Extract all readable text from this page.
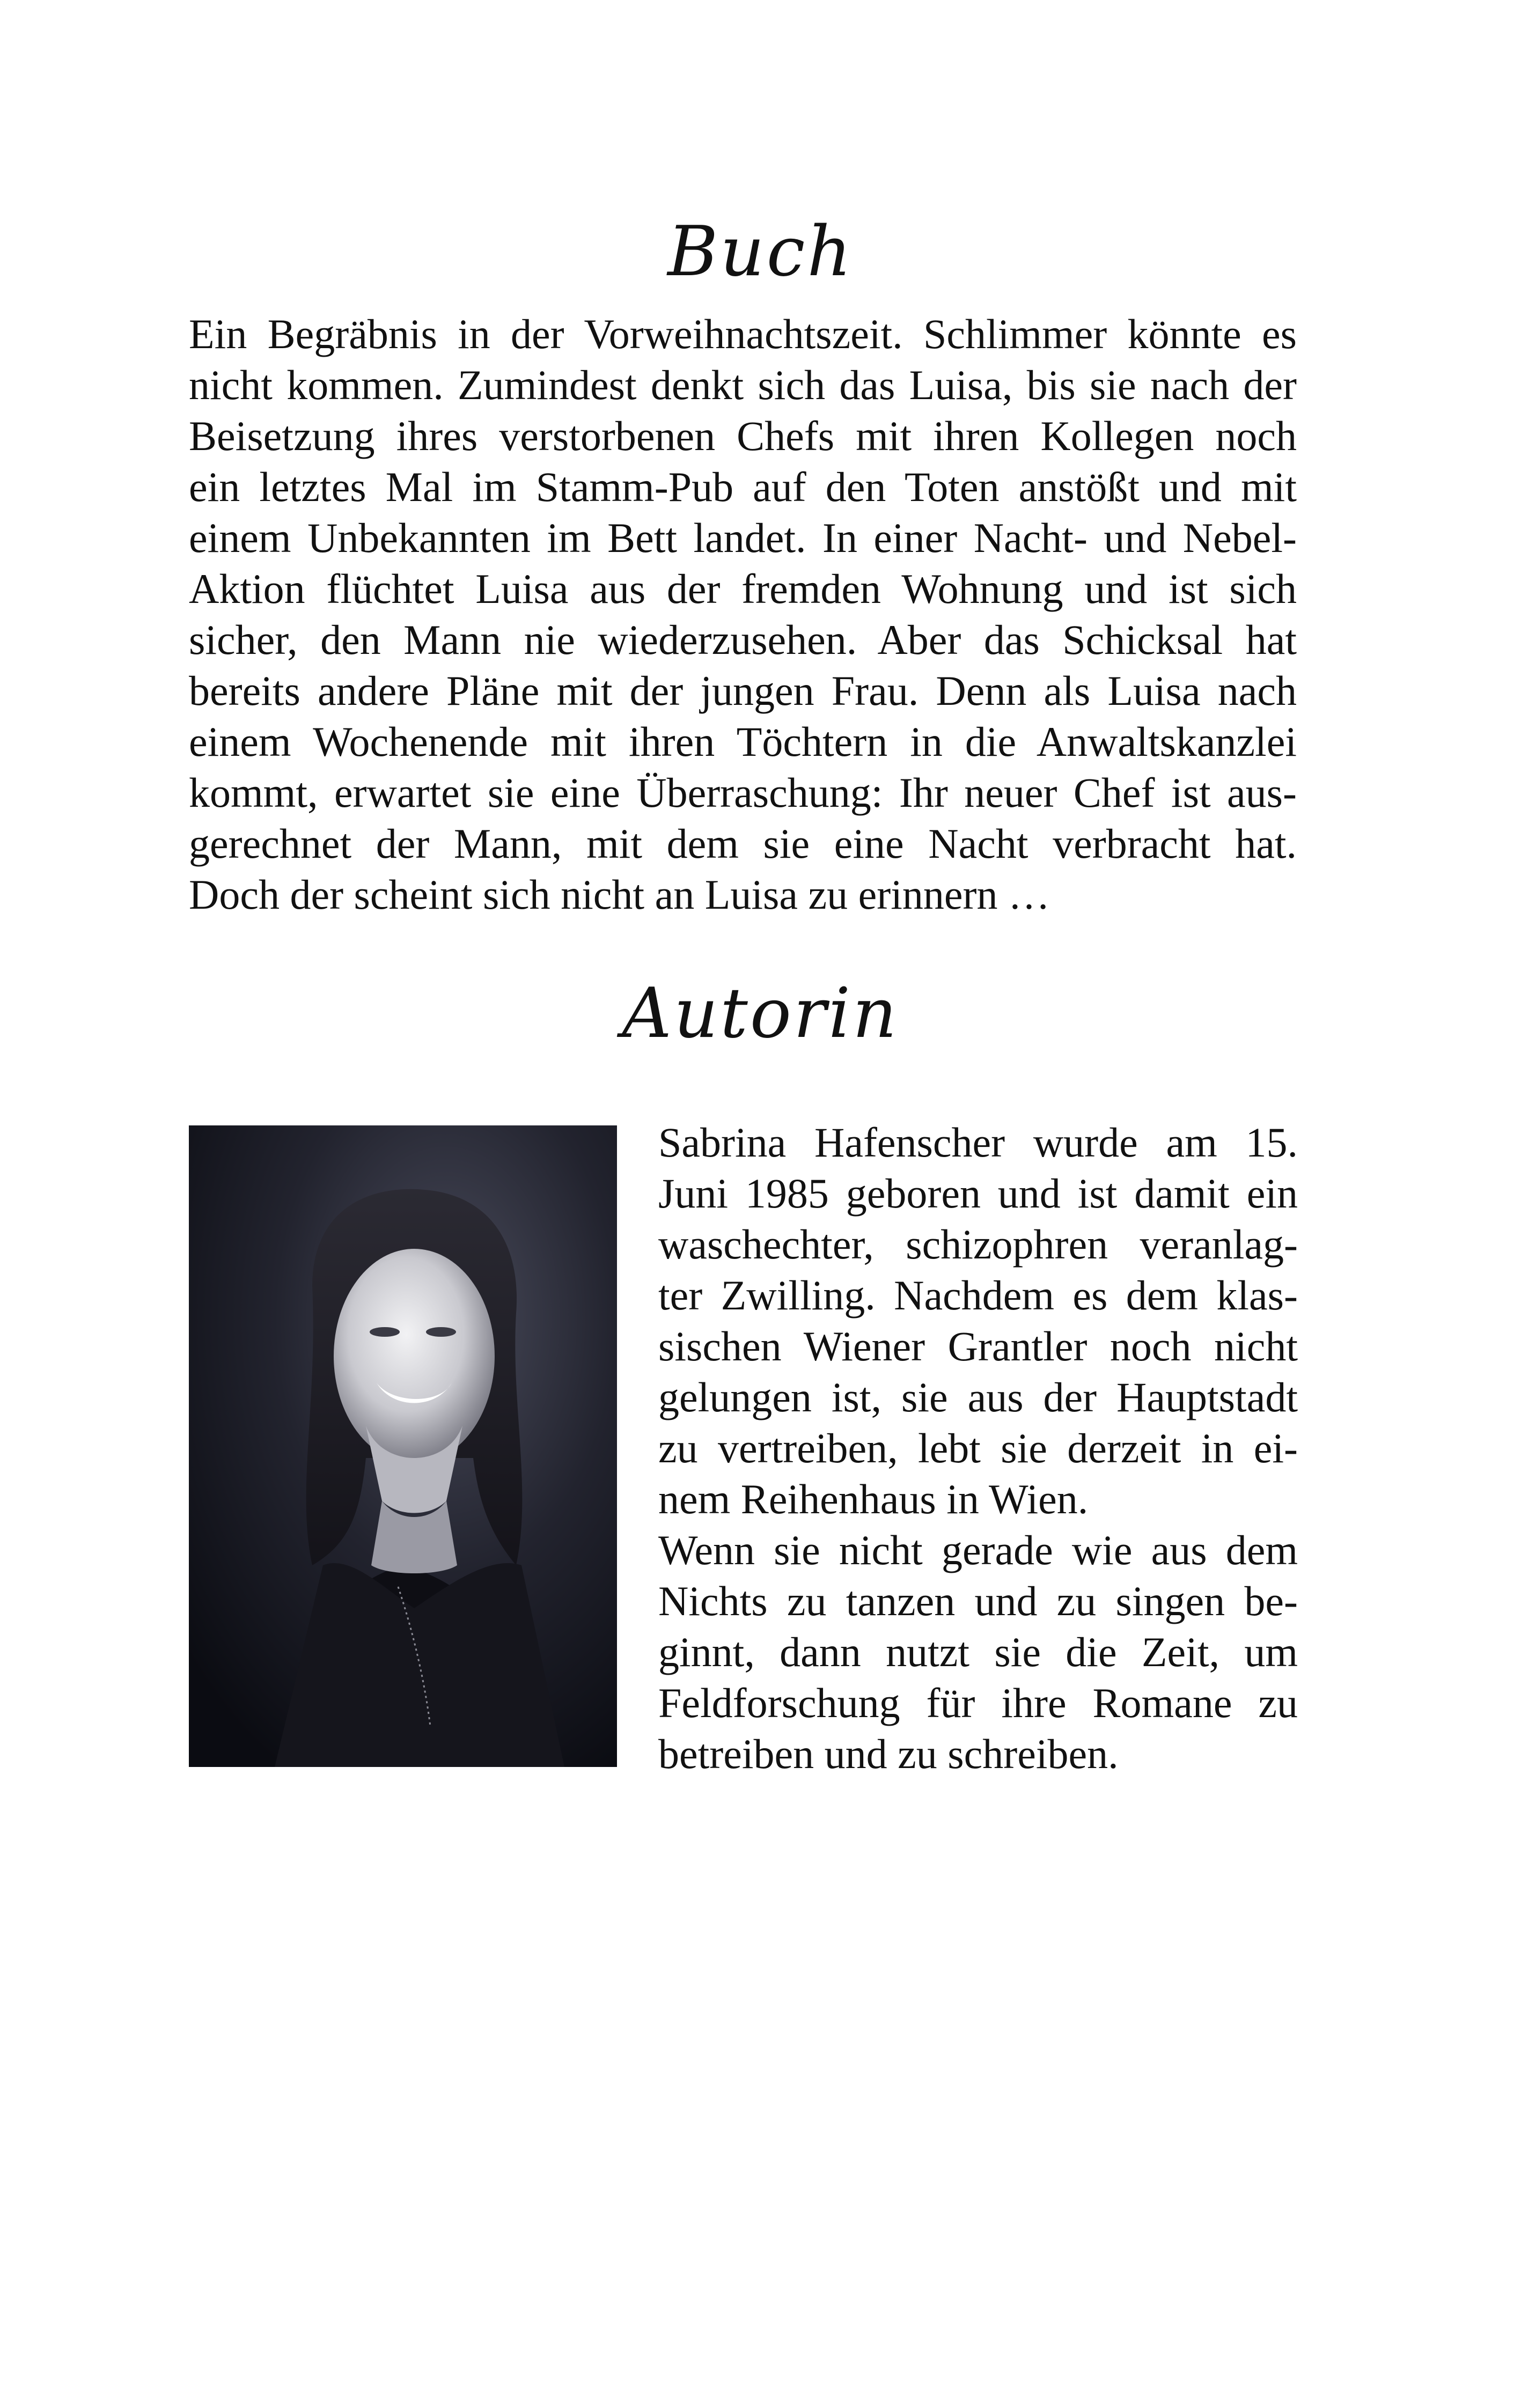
Buch
Ein Begräbnis in der Vorweihnachtszeit. Schlimmer könnte es
nicht kommen. Zumindest denkt sich das Luisa, bis sie nach der
Beisetzung ihres verstorbenen Chefs mit ihren Kollegen noch
ein letztes Mal im Stamm-Pub auf den Toten anstößt und mit
einem Unbekannten im Bett landet. In einer Nacht- und Nebel-
Aktion flüchtet Luisa aus der fremden Wohnung und ist sich
sicher, den Mann nie wiederzusehen. Aber das Schicksal hat
bereits andere Pläne mit der jungen Frau. Denn als Luisa nach
einem Wochenende mit ihren Töchtern in die Anwaltskanzlei
kommt, erwartet sie eine Überraschung: Ihr neuer Chef ist aus-
gerechnet der Mann, mit dem sie eine Nacht verbracht hat.
Doch der scheint sich nicht an Luisa zu erinnern …
Autorin
Sabrina Hafenscher wurde am 15.
Juni 1985 geboren und ist damit ein
waschechter, schizophren veranlag-
ter Zwilling. Nachdem es dem klas-
sischen Wiener Grantler noch nicht
gelungen ist, sie aus der Hauptstadt
zu vertreiben, lebt sie derzeit in ei-
nem Reihenhaus in Wien.
Wenn sie nicht gerade wie aus dem
Nichts zu tanzen und zu singen be-
ginnt, dann nutzt sie die Zeit, um
Feldforschung für ihre Romane zu
betreiben und zu schreiben.
